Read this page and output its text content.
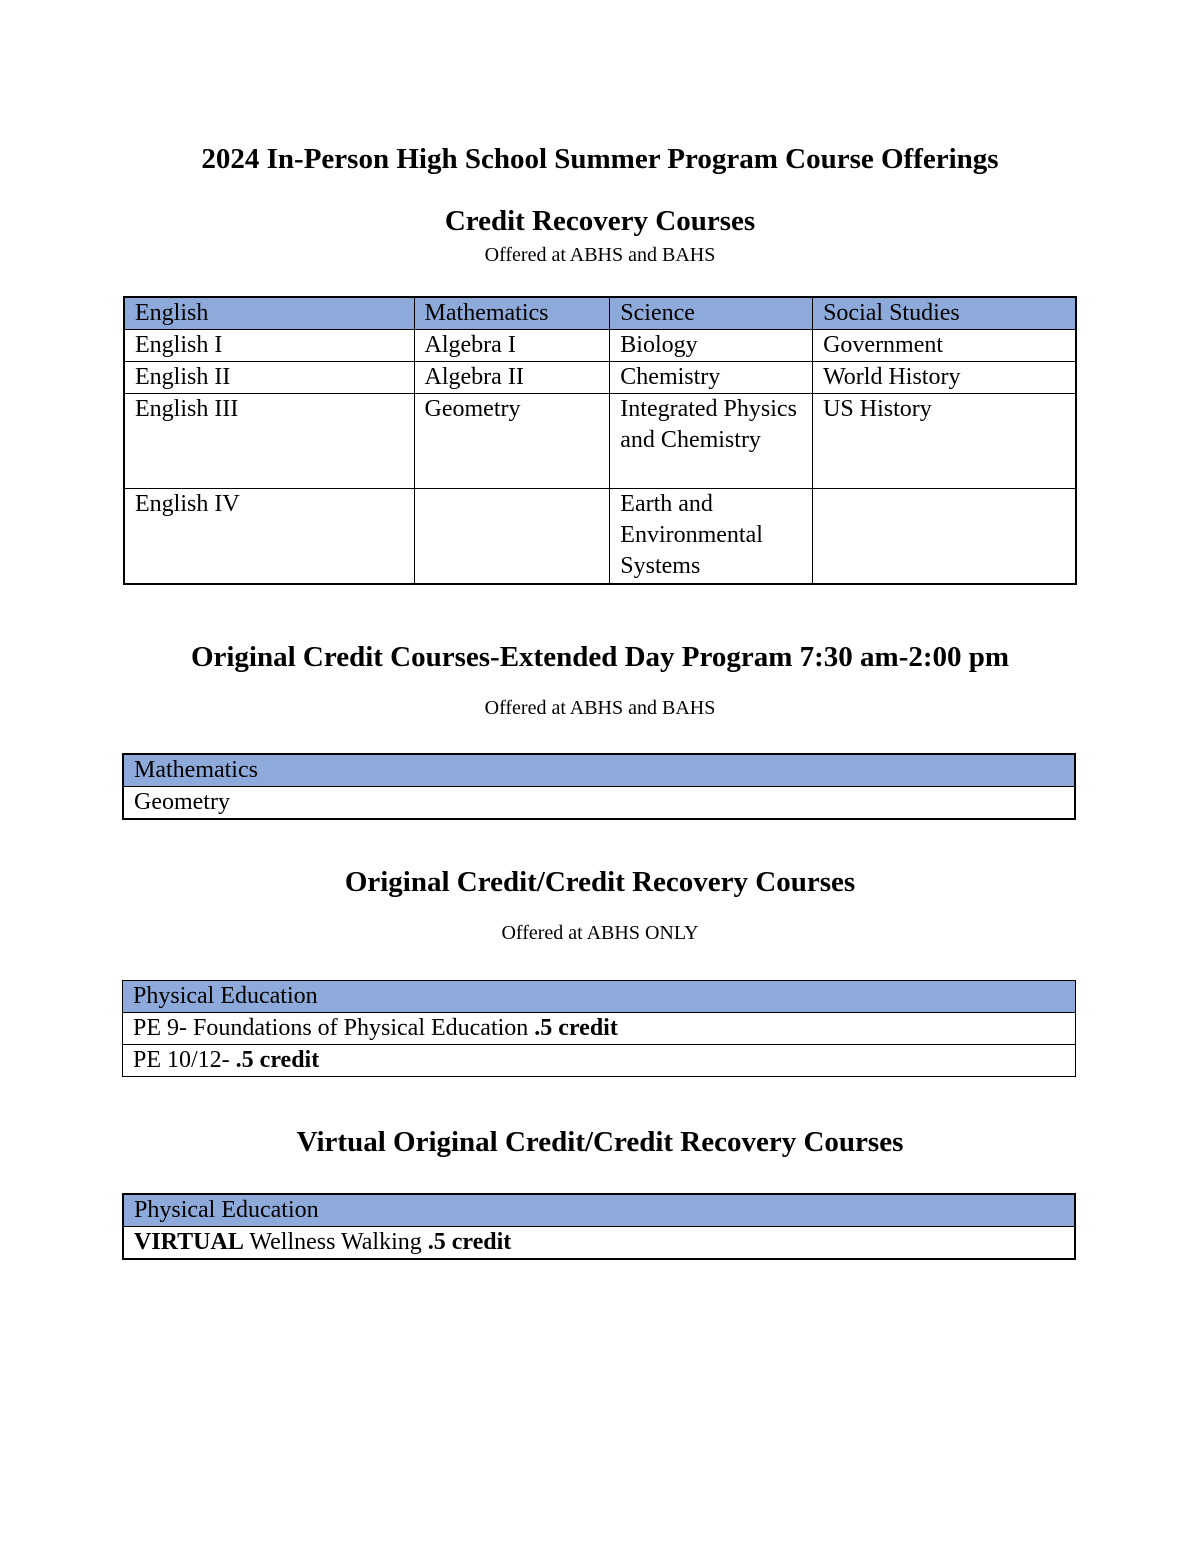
2024 In-Person High School Summer Program Course Offerings
Credit Recovery Courses

Offered at ABHS and BAHS

English	Mathematics	Science	Social Studies
English I	Algebra I	Biology	Government
English II	Algebra II	Chemistry	World History
English III	Geometry	Integrated Physics and Chemistry	US History
English IV		Earth and Environmental Systems	
Original Credit Courses-Extended Day Program 7:30 am-2:00 pm

Offered at ABHS and BAHS

Mathematics
Geometry
Original Credit/Credit Recovery Courses

Offered at ABHS ONLY

Physical Education
PE 9- Foundations of Physical Education .5 credit
PE 10/12- .5 credit
Virtual Original Credit/Credit Recovery Courses
Physical Education
VIRTUAL Wellness Walking .5 credit
